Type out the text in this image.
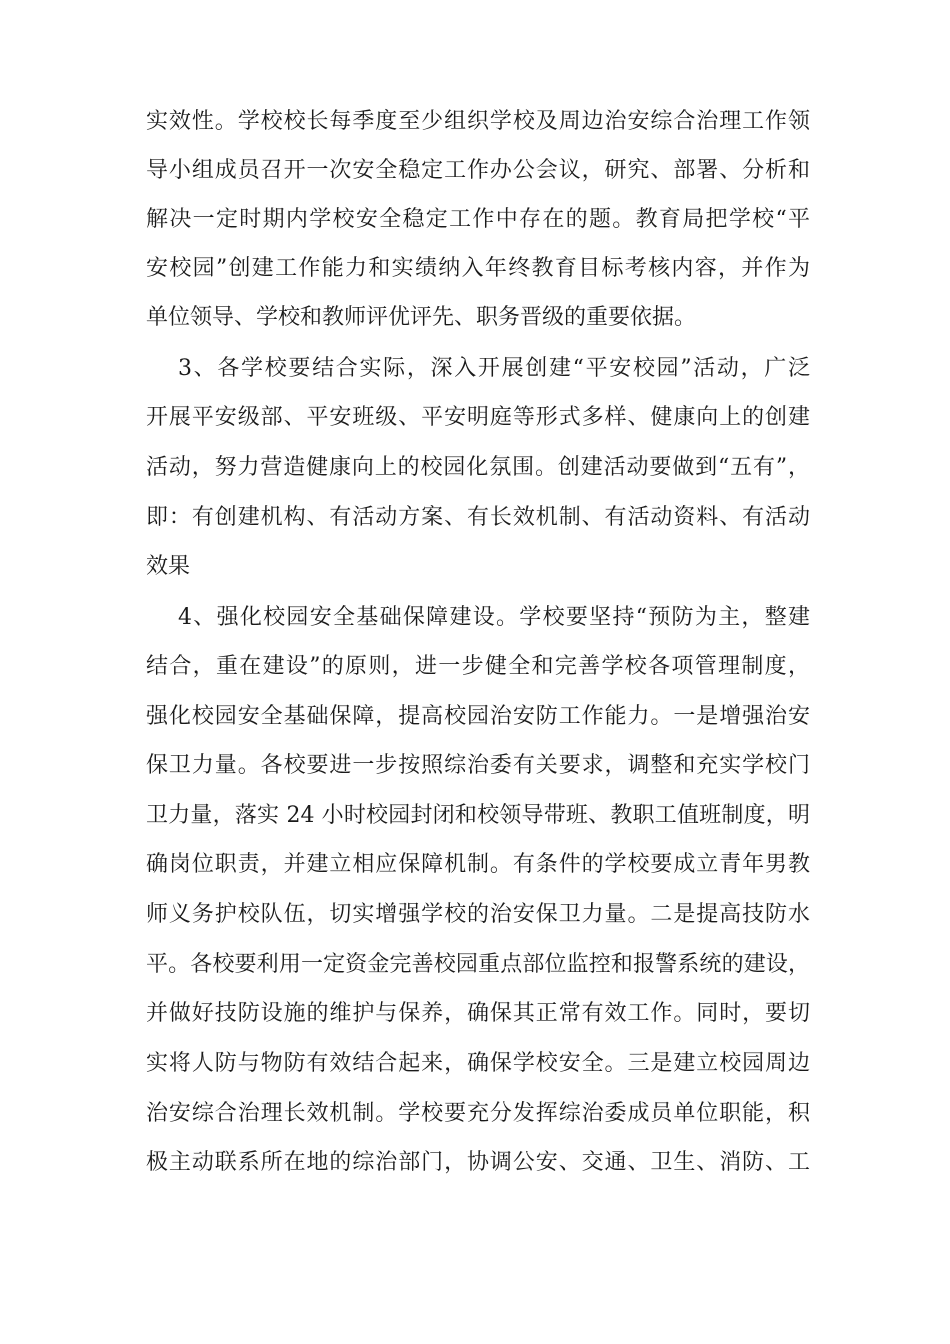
实效性。学校校长每季度至少组织学校及周边治安综合治理工作领
导小组成员召开一次安全稳定工作办公会议，研究、部署、分析和
解决一定时期内学校安全稳定工作中存在的题。教育局把学校“平
安校园”创建工作能力和实绩纳入年终教育目标考核内容，并作为
单位领导、学校和教师评优评先、职务晋级的重要依据。
3、各学校要结合实际，深入开展创建“平安校园”活动，广泛
开展平安级部、平安班级、平安明庭等形式多样、健康向上的创建
活动，努力营造健康向上的校园化氛围。创建活动要做到“五有”，
即：有创建机构、有活动方案、有长效机制、有活动资料、有活动
效果
4、强化校园安全基础保障建设。学校要坚持“预防为主，整建
结合，重在建设”的原则，进一步健全和完善学校各项管理制度，
强化校园安全基础保障，提高校园治安防工作能力。一是增强治安
保卫力量。各校要进一步按照综治委有关要求，调整和充实学校门
卫力量，落实 24 小时校园封闭和校领导带班、教职工值班制度，明
确岗位职责，并建立相应保障机制。有条件的学校要成立青年男教
师义务护校队伍，切实增强学校的治安保卫力量。二是提高技防水
平。各校要利用一定资金完善校园重点部位监控和报警系统的建设，
并做好技防设施的维护与保养，确保其正常有效工作。同时，要切
实将人防与物防有效结合起来，确保学校安全。三是建立校园周边
治安综合治理长效机制。学校要充分发挥综治委成员单位职能，积
极主动联系所在地的综治部门，协调公安、交通、卫生、消防、工
